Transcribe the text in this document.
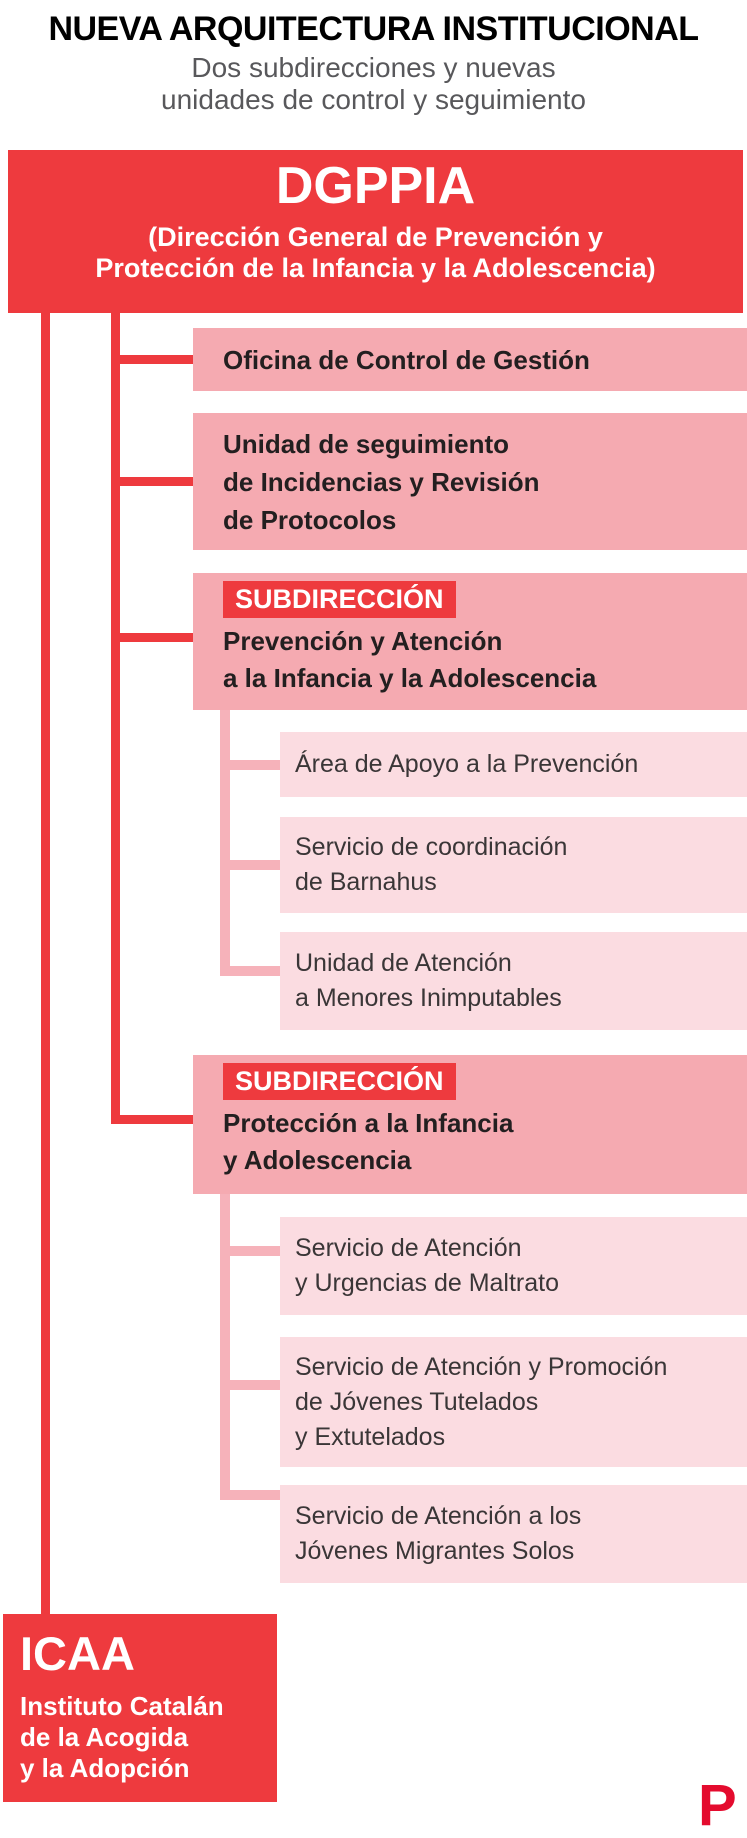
NUEVA ARQUITECTURA INSTITUCIONAL
Dos subdirecciones y nuevas
unidades de control y seguimiento
DGPPIA
(Dirección General de Prevención y
Protección de la Infancia y la Adolescencia)
Oficina de Control de Gestión
Unidad de seguimiento
de Incidencias y Revisión
de Protocolos
SUBDIRECCIÓN
Prevención y Atención
a la Infancia y la Adolescencia
Área de Apoyo a la Prevención
Servicio de coordinación
de Barnahus
Unidad de Atención
a Menores Inimputables
SUBDIRECCIÓN
Protección a la Infancia
y Adolescencia
Servicio de Atención
y Urgencias de Maltrato
Servicio de Atención y Promoción
de Jóvenes Tutelados
y Extutelados
Servicio de Atención a los
Jóvenes Migrantes Solos
ICAA
Instituto Catalán
de la Acogida
y la Adopción
P
